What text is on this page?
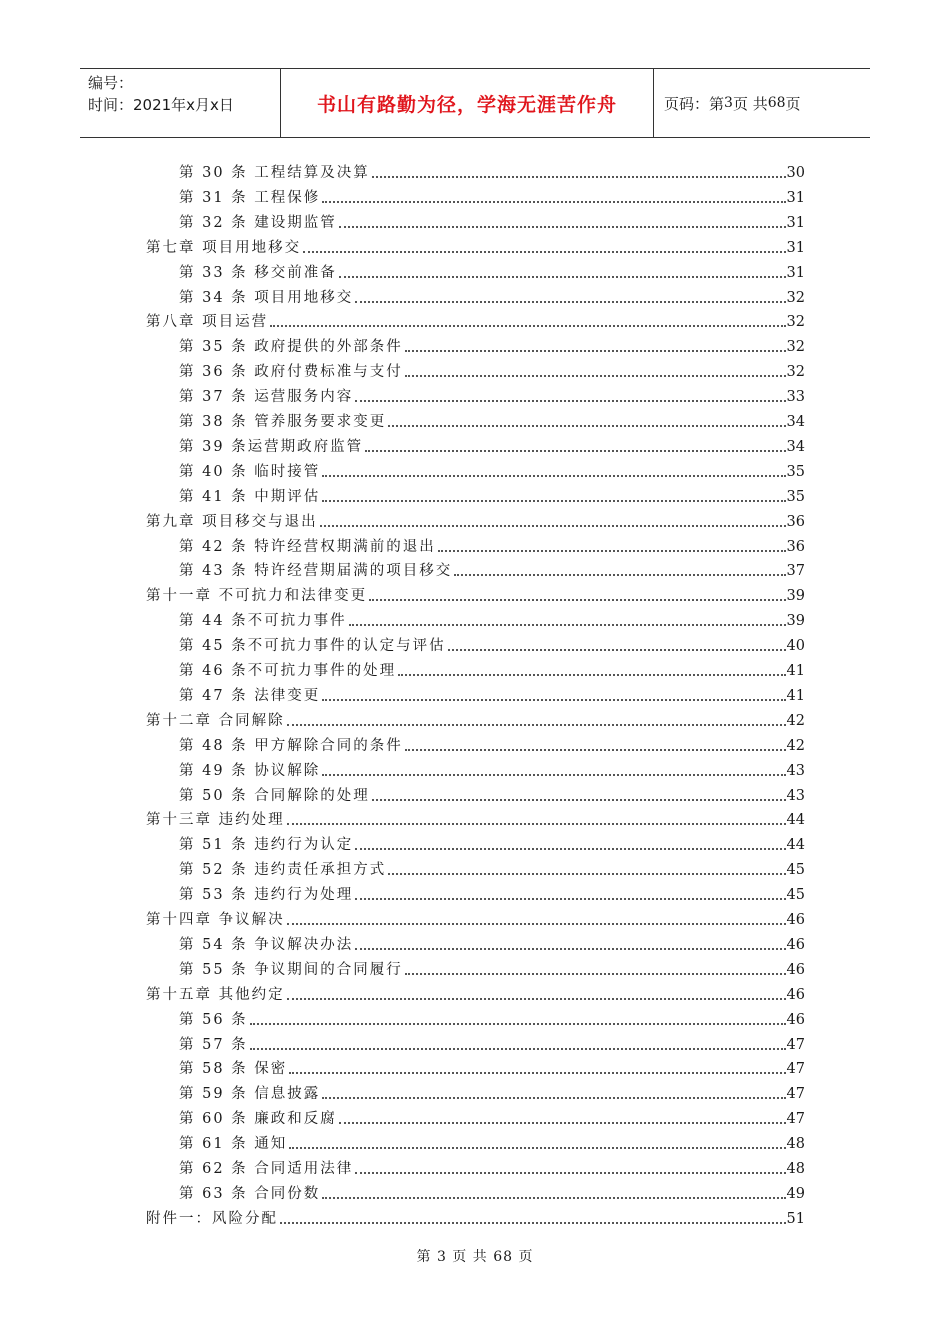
编号：
时间：2021年x月x日	书山有路勤为径，学海无涯苦作舟	页码：第 3 页 共 68 页
第 30 条 工程结算及决算	30
第 31 条 工程保修	31
第 32 条 建设期监管	31
第七章 项目用地移交	31
第 33 条 移交前准备	31
第 34 条 项目用地移交	32
第八章 项目运营	32
第 35 条 政府提供的外部条件	32
第 36 条 政府付费标准与支付	32
第 37 条 运营服务内容	33
第 38 条 管养服务要求变更	34
第 39 条运营期政府监管	34
第 40 条 临时接管	35
第 41 条 中期评估	35
第九章 项目移交与退出	36
第 42 条 特许经营权期满前的退出	36
第 43 条 特许经营期届满的项目移交	37
第十一章 不可抗力和法律变更	39
第 44 条不可抗力事件	39
第 45 条不可抗力事件的认定与评估	40
第 46 条不可抗力事件的处理	41
第 47 条 法律变更	41
第十二章 合同解除	42
第 48 条 甲方解除合同的条件	42
第 49 条 协议解除	43
第 50 条 合同解除的处理	43
第十三章 违约处理	44
第 51 条 违约行为认定	44
第 52 条 违约责任承担方式	45
第 53 条 违约行为处理	45
第十四章 争议解决	46
第 54 条 争议解决办法	46
第 55 条 争议期间的合同履行	46
第十五章 其他约定	46
第 56 条	46
第 57 条	47
第 58 条 保密	47
第 59 条 信息披露	47
第 60 条 廉政和反腐	47
第 61 条 通知	48
第 62 条 合同适用法律	48
第 63 条 合同份数	49
附件一：风险分配	51
第 3 页 共 68 页
